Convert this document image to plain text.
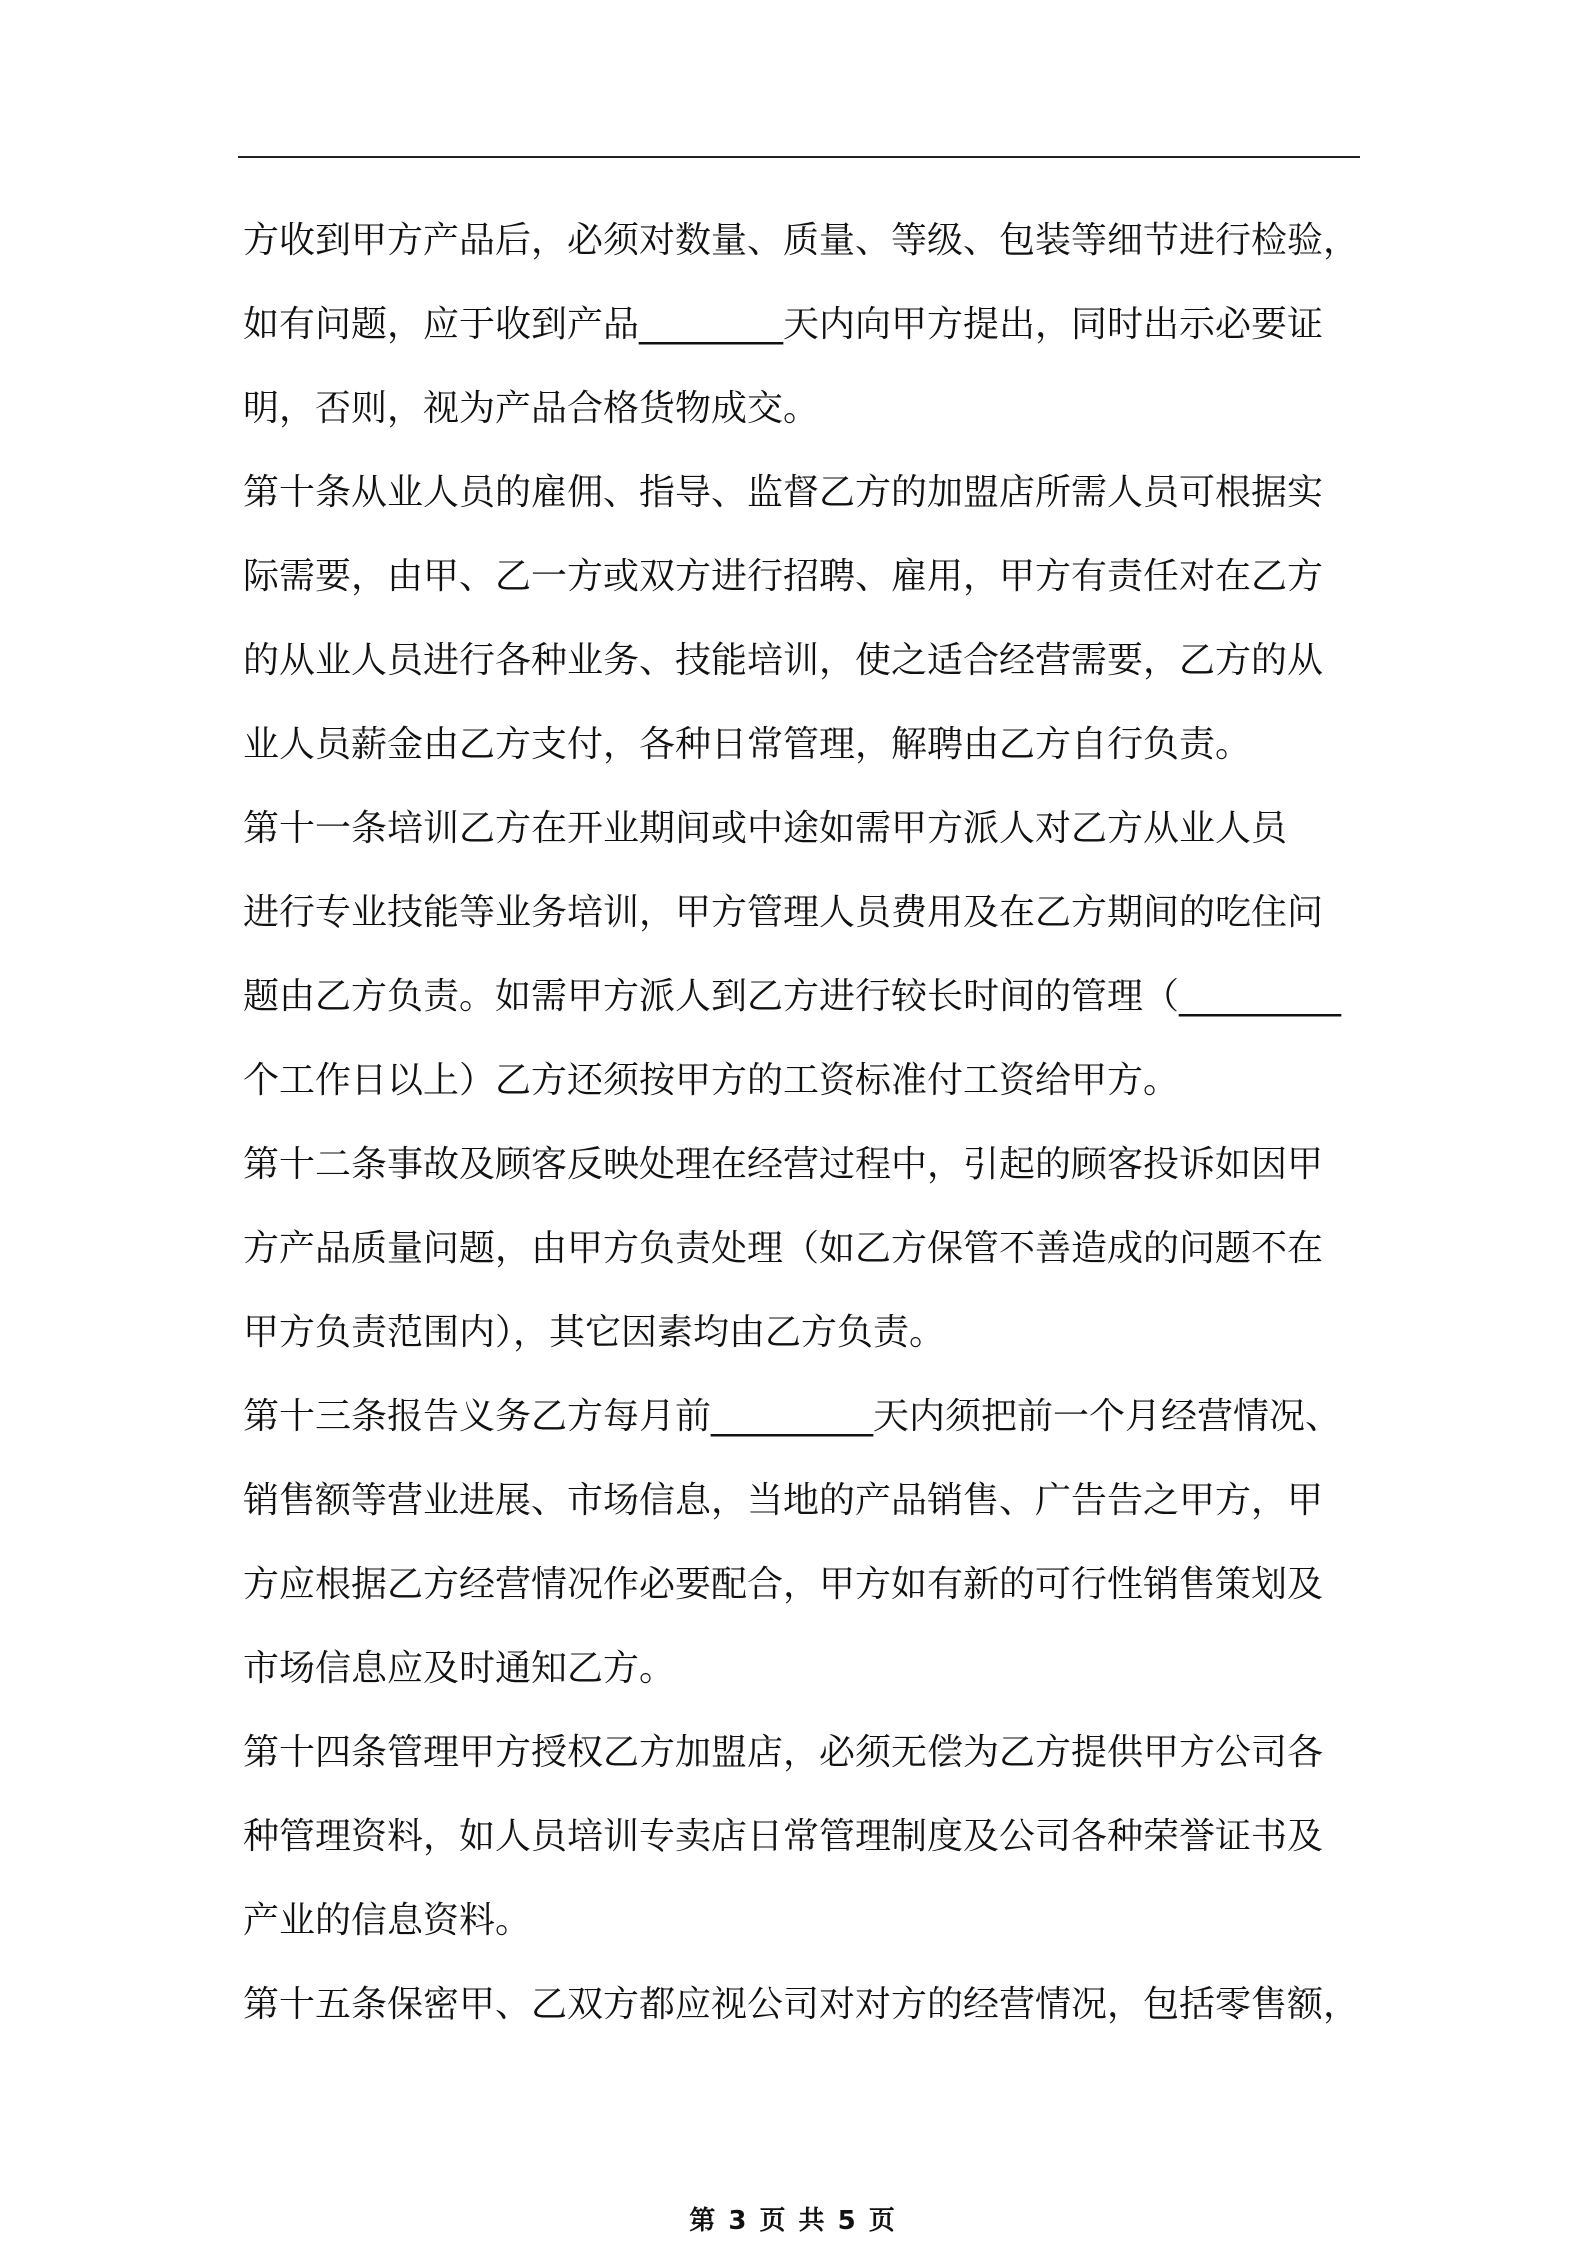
方收到甲方产品后，必须对数量、质量、等级、包装等细节进行检验，
如有问题，应于收到产品________天内向甲方提出，同时出示必要证
明，否则，视为产品合格货物成交。
第十条从业人员的雇佣、指导、监督乙方的加盟店所需人员可根据实
际需要，由甲、乙一方或双方进行招聘、雇用，甲方有责任对在乙方
的从业人员进行各种业务、技能培训，使之适合经营需要，乙方的从
业人员薪金由乙方支付，各种日常管理，解聘由乙方自行负责。
第十一条培训乙方在开业期间或中途如需甲方派人对乙方从业人员
进行专业技能等业务培训，甲方管理人员费用及在乙方期间的吃住问
题由乙方负责。如需甲方派人到乙方进行较长时间的管理（_________
个工作日以上）乙方还须按甲方的工资标准付工资给甲方。
第十二条事故及顾客反映处理在经营过程中，引起的顾客投诉如因甲
方产品质量问题，由甲方负责处理（如乙方保管不善造成的问题不在
甲方负责范围内），其它因素均由乙方负责。
第十三条报告义务乙方每月前_________天内须把前一个月经营情况、
销售额等营业进展、市场信息，当地的产品销售、广告告之甲方，甲
方应根据乙方经营情况作必要配合，甲方如有新的可行性销售策划及
市场信息应及时通知乙方。
第十四条管理甲方授权乙方加盟店，必须无偿为乙方提供甲方公司各
种管理资料，如人员培训专卖店日常管理制度及公司各种荣誉证书及
产业的信息资料。
第十五条保密甲、乙双方都应视公司对对方的经营情况，包括零售额，
第 3 页 共 5 页
